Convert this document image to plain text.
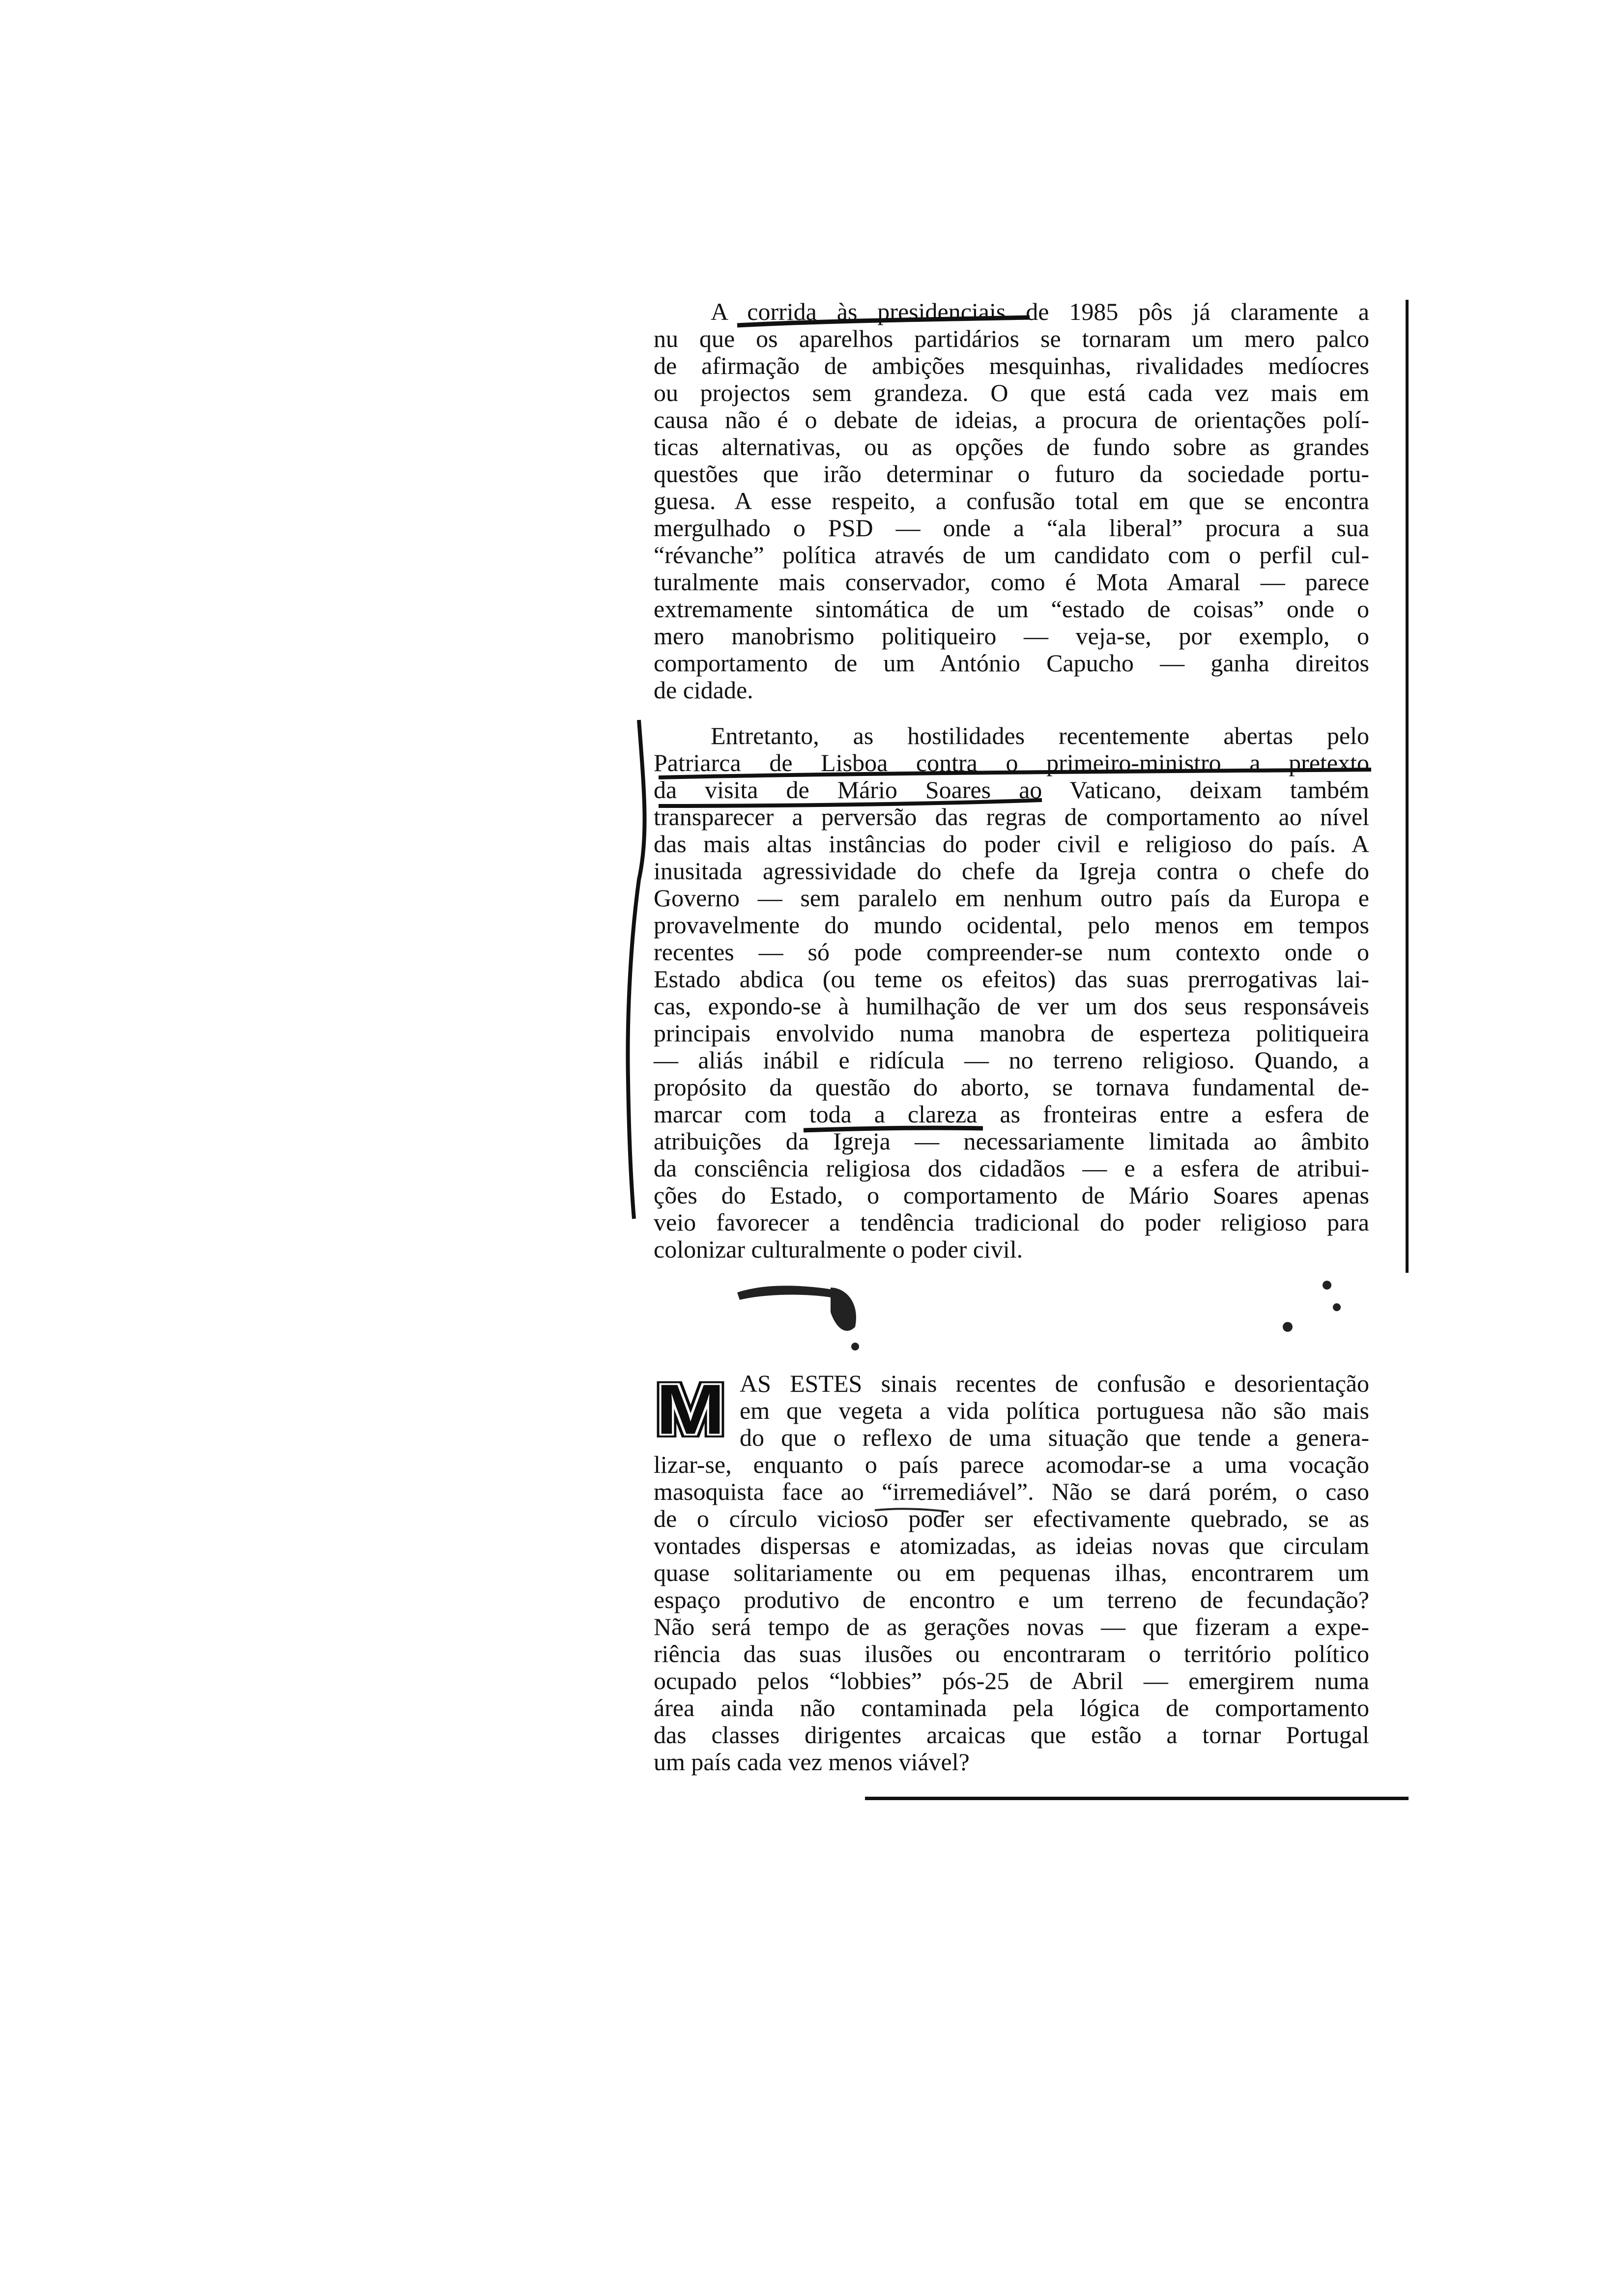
A corrida às presidenciais de 1985 pôs já claramente a
nu que os aparelhos partidários se tornaram um mero palco
de afirmação de ambições mesquinhas, rivalidades medíocres
ou projectos sem grandeza. O que está cada vez mais em
causa não é o debate de ideias, a procura de orientações polí-
ticas alternativas, ou as opções de fundo sobre as grandes
questões que irão determinar o futuro da sociedade portu-
guesa. A esse respeito, a confusão total em que se encontra
mergulhado o PSD — onde a “ala liberal” procura a sua
“révanche” política através de um candidato com o perfil cul-
turalmente mais conservador, como é Mota Amaral — parece
extremamente sintomática de um “estado de coisas” onde o
mero manobrismo politiqueiro — veja-se, por exemplo, o
comportamento de um António Capucho — ganha direitos
de cidade.
Entretanto, as hostilidades recentemente abertas pelo
Patriarca de Lisboa contra o primeiro-ministro a pretexto
da visita de Mário Soares ao Vaticano, deixam também
transparecer a perversão das regras de comportamento ao nível
das mais altas instâncias do poder civil e religioso do país. A
inusitada agressividade do chefe da Igreja contra o chefe do
Governo — sem paralelo em nenhum outro país da Europa e
provavelmente do mundo ocidental, pelo menos em tempos
recentes — só pode compreender-se num contexto onde o
Estado abdica (ou teme os efeitos) das suas prerrogativas lai-
cas, expondo-se à humilhação de ver um dos seus responsáveis
principais envolvido numa manobra de esperteza politiqueira
— aliás inábil e ridícula — no terreno religioso. Quando, a
propósito da questão do aborto, se tornava fundamental de-
marcar com toda a clareza as fronteiras entre a esfera de
atribuições da Igreja — necessariamente limitada ao âmbito
da consciência religiosa dos cidadãos — e a esfera de atribui-
ções do Estado, o comportamento de Mário Soares apenas
veio favorecer a tendência tradicional do poder religioso para
colonizar culturalmente o poder civil.
AS ESTES sinais recentes de confusão e desorientação
em que vegeta a vida política portuguesa não são mais
do que o reflexo de uma situação que tende a genera-
lizar-se, enquanto o país parece acomodar-se a uma vocação
masoquista face ao “irremediável”. Não se dará porém, o caso
de o círculo vicioso poder ser efectivamente quebrado, se as
vontades dispersas e atomizadas, as ideias novas que circulam
quase solitariamente ou em pequenas ilhas, encontrarem um
espaço produtivo de encontro e um terreno de fecundação?
Não será tempo de as gerações novas — que fizeram a expe-
riência das suas ilusões ou encontraram o território político
ocupado pelos “lobbies” pós-25 de Abril — emergirem numa
área ainda não contaminada pela lógica de comportamento
das classes dirigentes arcaicas que estão a tornar Portugal
um país cada vez menos viável?
M
